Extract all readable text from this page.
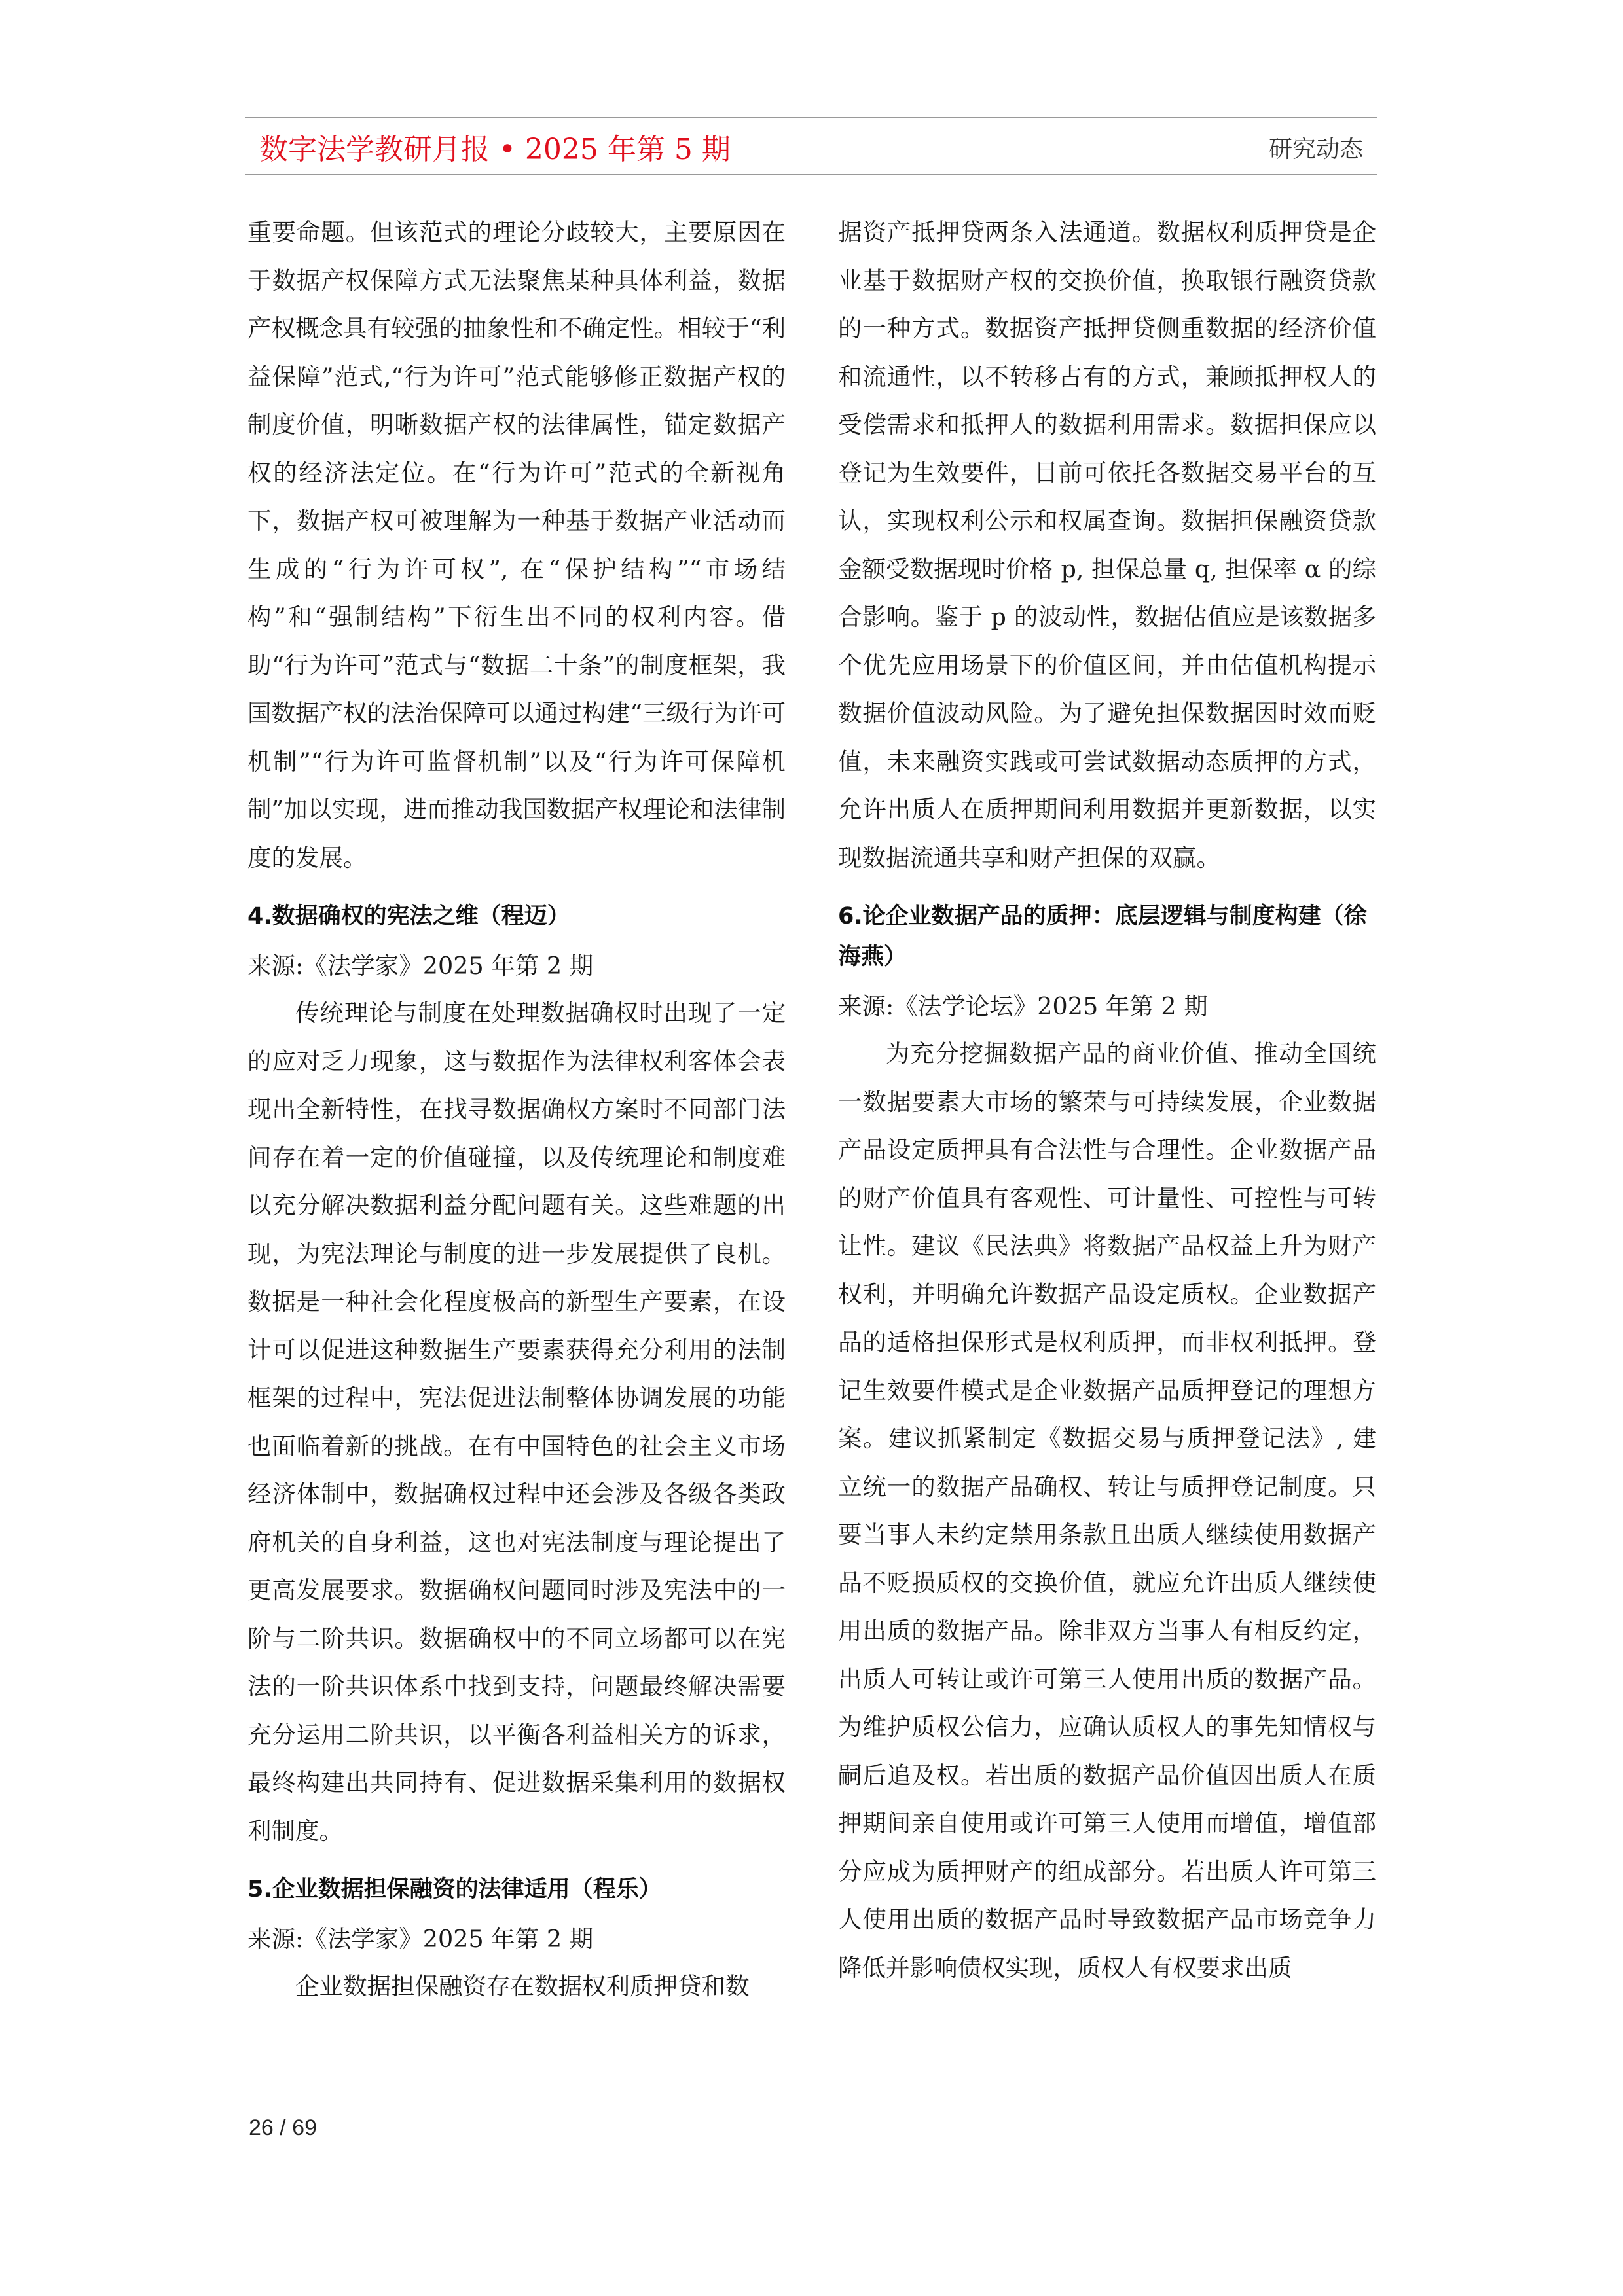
数字法学教研月报 • 2025 年第 5 期	研究动态

重要命题。但该范式的理论分歧较大，主要原因在于数据产权保障方式无法聚焦某种具体利益，数据产权概念具有较强的抽象性和不确定性。相较于“利益保障”范式,“行为许可”范式能够修正数据产权的制度价值，明晰数据产权的法律属性，锚定数据产权的经济法定位。在“行为许可”范式的全新视角下，数据产权可被理解为一种基于数据产业活动而生成的“行为许可权”, 在“保护结构”“市场结构”和“强制结构”下衍生出不同的权利内容。借助“行为许可”范式与“数据二十条”的制度框架，我国数据产权的法治保障可以通过构建“三级行为许可机制”“行为许可监督机制”以及“行为许可保障机制”加以实现，进而推动我国数据产权理论和法律制度的发展。

4.数据确权的宪法之维（程迈）

来源:《法学家》2025 年第 2 期

传统理论与制度在处理数据确权时出现了一定的应对乏力现象，这与数据作为法律权利客体会表现出全新特性，在找寻数据确权方案时不同部门法间存在着一定的价值碰撞，以及传统理论和制度难以充分解决数据利益分配问题有关。这些难题的出现，为宪法理论与制度的进一步发展提供了良机。数据是一种社会化程度极高的新型生产要素，在设计可以促进这种数据生产要素获得充分利用的法制框架的过程中，宪法促进法制整体协调发展的功能也面临着新的挑战。在有中国特色的社会主义市场经济体制中，数据确权过程中还会涉及各级各类政府机关的自身利益，这也对宪法制度与理论提出了更高发展要求。数据确权问题同时涉及宪法中的一阶与二阶共识。数据确权中的不同立场都可以在宪法的一阶共识体系中找到支持，问题最终解决需要充分运用二阶共识，以平衡各利益相关方的诉求，最终构建出共同持有、促进数据采集利用的数据权利制度。

5.企业数据担保融资的法律适用（程乐）

来源:《法学家》2025 年第 2 期

企业数据担保融资存在数据权利质押贷和数

据资产抵押贷两条入法通道。数据权利质押贷是企业基于数据财产权的交换价值，换取银行融资贷款的一种方式。数据资产抵押贷侧重数据的经济价值和流通性，以不转移占有的方式，兼顾抵押权人的受偿需求和抵押人的数据利用需求。数据担保应以登记为生效要件，目前可依托各数据交易平台的互认，实现权利公示和权属查询。数据担保融资贷款金额受数据现时价格 p, 担保总量 q, 担保率 α 的综合影响。鉴于 p 的波动性，数据估值应是该数据多个优先应用场景下的价值区间，并由估值机构提示数据价值波动风险。为了避免担保数据因时效而贬值，未来融资实践或可尝试数据动态质押的方式，允许出质人在质押期间利用数据并更新数据，以实现数据流通共享和财产担保的双赢。

6.论企业数据产品的质押：底层逻辑与制度构建（徐海燕）

来源:《法学论坛》2025 年第 2 期

为充分挖掘数据产品的商业价值、推动全国统一数据要素大市场的繁荣与可持续发展，企业数据产品设定质押具有合法性与合理性。企业数据产品的财产价值具有客观性、可计量性、可控性与可转让性。建议《民法典》将数据产品权益上升为财产权利，并明确允许数据产品设定质权。企业数据产品的适格担保形式是权利质押，而非权利抵押。登记生效要件模式是企业数据产品质押登记的理想方案。建议抓紧制定《数据交易与质押登记法》, 建立统一的数据产品确权、转让与质押登记制度。只要当事人未约定禁用条款且出质人继续使用数据产品不贬损质权的交换价值，就应允许出质人继续使用出质的数据产品。除非双方当事人有相反约定，出质人可转让或许可第三人使用出质的数据产品。为维护质权公信力，应确认质权人的事先知情权与嗣后追及权。若出质的数据产品价值因出质人在质押期间亲自使用或许可第三人使用而增值，增值部分应成为质押财产的组成部分。若出质人许可第三人使用出质的数据产品时导致数据产品市场竞争力降低并影响债权实现，质权人有权要求出质

26 / 69
